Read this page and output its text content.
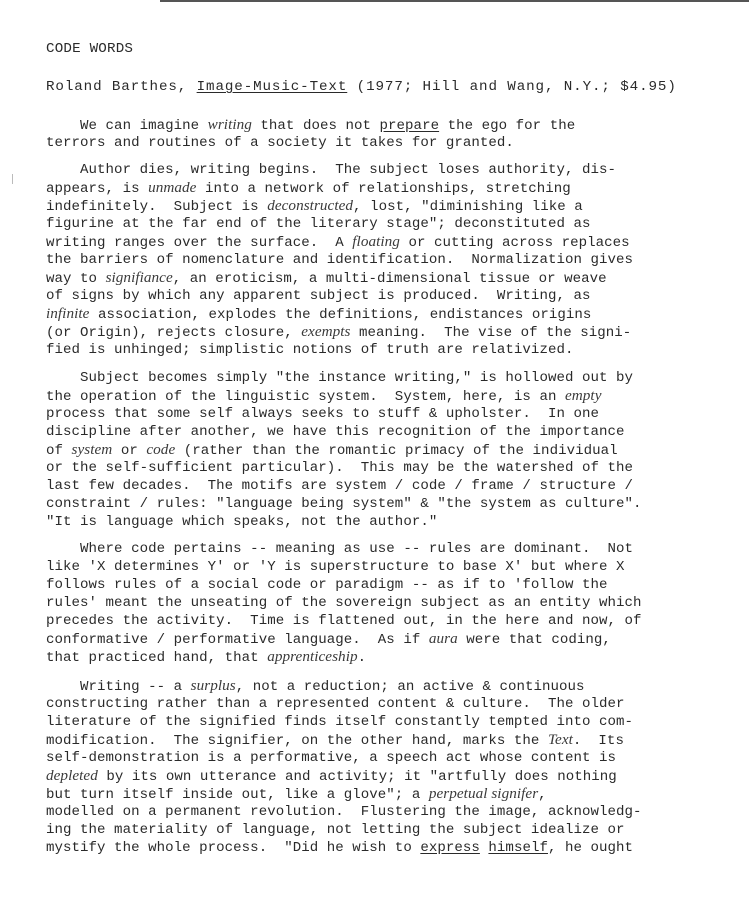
CODE WORDS
Roland Barthes, Image-Music-Text (1977; Hill and Wang, N.Y.; $4.95)
We can imagine writing that does not prepare the ego for the
terrors and routines of a society it takes for granted.
Author dies, writing begins.  The subject loses authority, dis-
appears, is unmade into a network of relationships, stretching
indefinitely.  Subject is deconstructed, lost, "diminishing like a
figurine at the far end of the literary stage"; deconstituted as
writing ranges over the surface.  A floating or cutting across replaces
the barriers of nomenclature and identification.  Normalization gives
way to signifiance, an eroticism, a multi-dimensional tissue or weave
of signs by which any apparent subject is produced.  Writing, as
infinite association, explodes the definitions, endistances origins
(or Origin), rejects closure, exempts meaning.  The vise of the signi-
fied is unhinged; simplistic notions of truth are relativized.
Subject becomes simply "the instance writing," is hollowed out by
the operation of the linguistic system.  System, here, is an empty
process that some self always seeks to stuff & upholster.  In one
discipline after another, we have this recognition of the importance
of system or code (rather than the romantic primacy of the individual
or the self-sufficient particular).  This may be the watershed of the
last few decades.  The motifs are system / code / frame / structure /
constraint / rules: "language being system" & "the system as culture".
"It is language which speaks, not the author."
Where code pertains -- meaning as use -- rules are dominant.  Not
like 'X determines Y' or 'Y is superstructure to base X' but where X
follows rules of a social code or paradigm -- as if to 'follow the
rules' meant the unseating of the sovereign subject as an entity which
precedes the activity.  Time is flattened out, in the here and now, of
conformative / performative language.  As if aura were that coding,
that practiced hand, that apprenticeship.
Writing -- a surplus, not a reduction; an active & continuous
constructing rather than a represented content & culture.  The older
literature of the signified finds itself constantly tempted into com-
modification.  The signifier, on the other hand, marks the Text.  Its
self-demonstration is a performative, a speech act whose content is
depleted by its own utterance and activity; it "artfully does nothing
but turn itself inside out, like a glove"; a perpetual signifer,
modelled on a permanent revolution.  Flustering the image, acknowledg-
ing the materiality of language, not letting the subject idealize or
mystify the whole process.  "Did he wish to express himself, he ought
